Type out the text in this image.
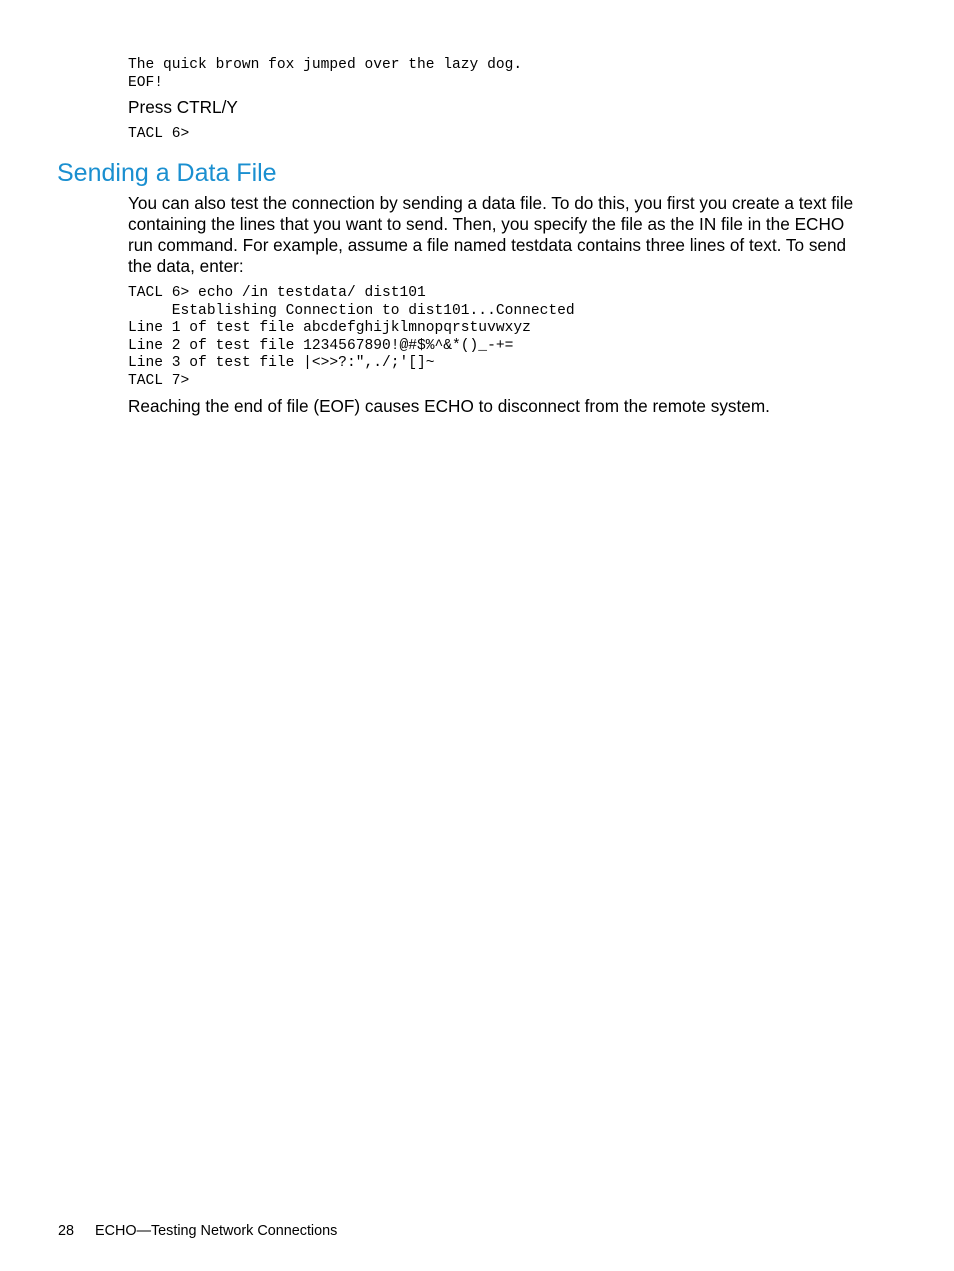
The quick brown fox jumped over the lazy dog.
EOF!

Press CTRL/Y

TACL 6>
Sending a Data File

You can also test the connection by sending a data file. To do this, you first you create a text file containing the lines that you want to send. Then, you specify the file as the IN file in the ECHO run command. For example, assume a file named testdata contains three lines of text. To send the data, enter:

TACL 6> echo /in testdata/ dist101
Establishing Connection to dist101...Connected
Line 1 of test file abcdefghijklmnopqrstuvwxyz
Line 2 of test file 1234567890!@#$%^&*()_-+=
Line 3 of test file |<>>?:",./;'[]~
TACL 7>

Reaching the end of file (EOF) causes ECHO to disconnect from the remote system.

28 ECHO—Testing Network Connections
